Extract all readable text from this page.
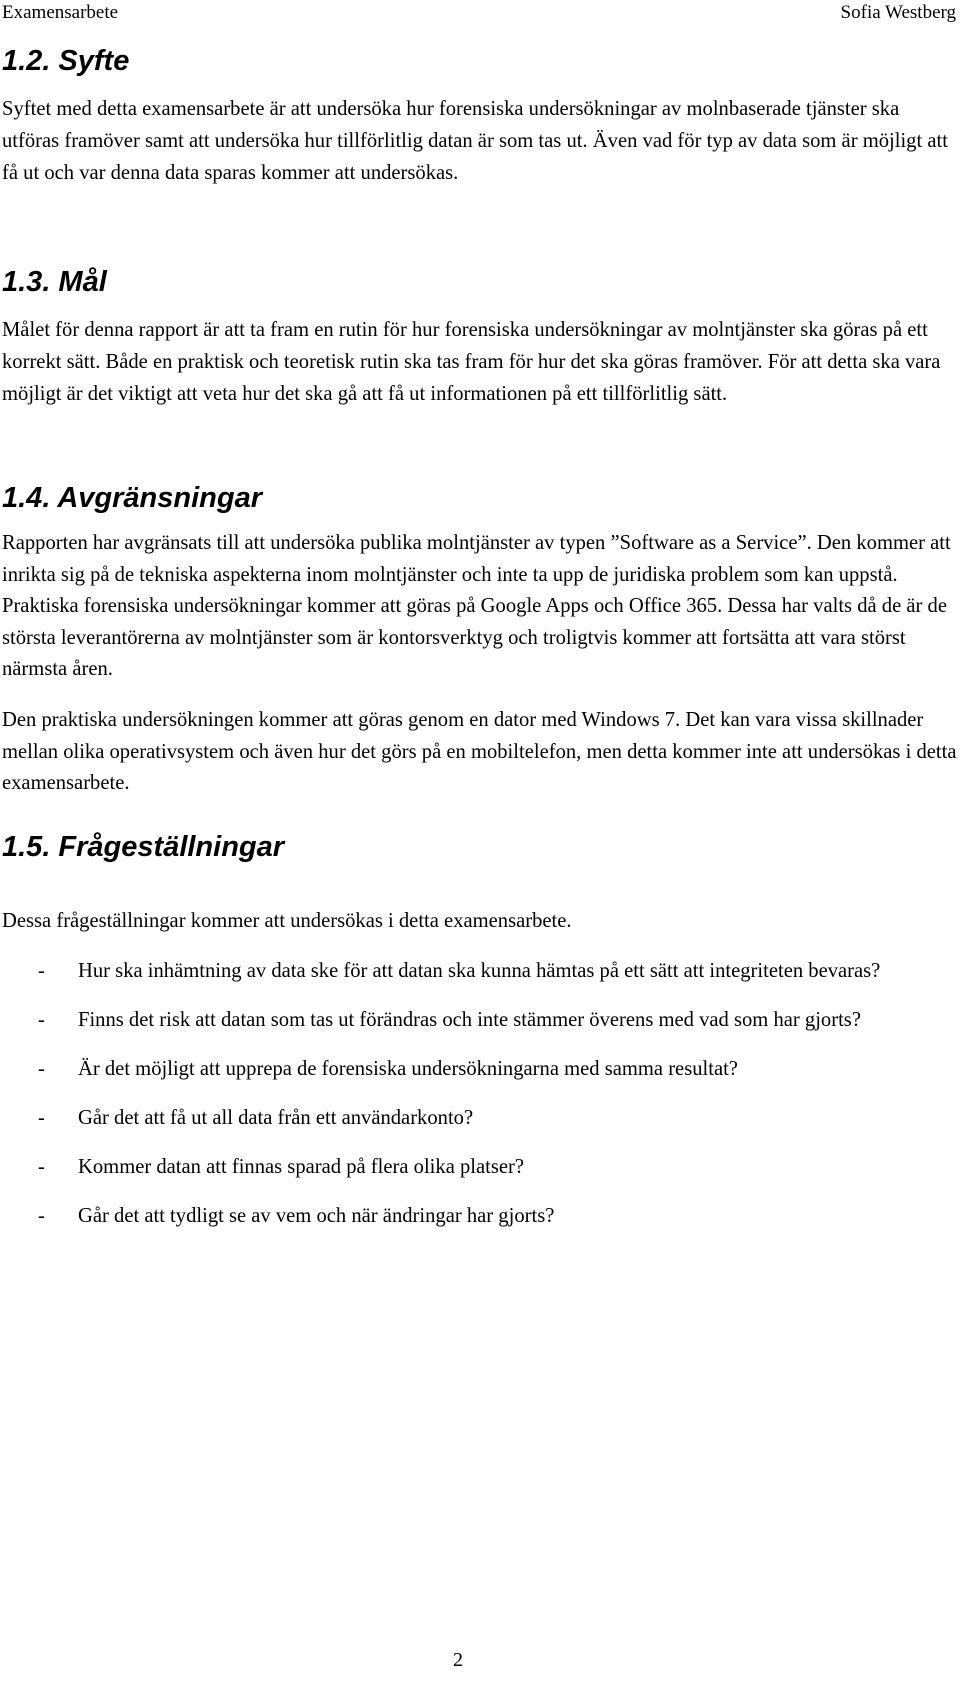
Examensarbete	Sofia Westberg
1.2. Syfte

Syftet med detta examensarbete är att undersöka hur forensiska undersökningar av molnbaserade tjänster ska utföras framöver samt att undersöka hur tillförlitlig datan är som tas ut. Även vad för typ av data som är möjligt att få ut och var denna data sparas kommer att undersökas.

1.3. Mål

Målet för denna rapport är att ta fram en rutin för hur forensiska undersökningar av molntjänster ska göras på ett korrekt sätt. Både en praktisk och teoretisk rutin ska tas fram för hur det ska göras framöver. För att detta ska vara möjligt är det viktigt att veta hur det ska gå att få ut informationen på ett tillförlitlig sätt.

1.4. Avgränsningar

Rapporten har avgränsats till att undersöka publika molntjänster av typen ”Software as a Service”. Den kommer att inrikta sig på de tekniska aspekterna inom molntjänster och inte ta upp de juridiska problem som kan uppstå. Praktiska forensiska undersökningar kommer att göras på Google Apps och Office 365. Dessa har valts då de är de största leverantörerna av molntjänster som är kontorsverktyg och troligtvis kommer att fortsätta att vara störst närmsta åren.

Den praktiska undersökningen kommer att göras genom en dator med Windows 7. Det kan vara vissa skillnader mellan olika operativsystem och även hur det görs på en mobiltelefon, men detta kommer inte att undersökas i detta examensarbete.

1.5. Frågeställningar

Dessa frågeställningar kommer att undersökas i detta examensarbete.

- Hur ska inhämtning av data ske för att datan ska kunna hämtas på ett sätt att integriteten bevaras?
- Finns det risk att datan som tas ut förändras och inte stämmer överens med vad som har gjorts?
- Är det möjligt att upprepa de forensiska undersökningarna med samma resultat?
- Går det att få ut all data från ett användarkonto?
- Kommer datan att finnas sparad på flera olika platser?
- Går det att tydligt se av vem och när ändringar har gjorts?
2
